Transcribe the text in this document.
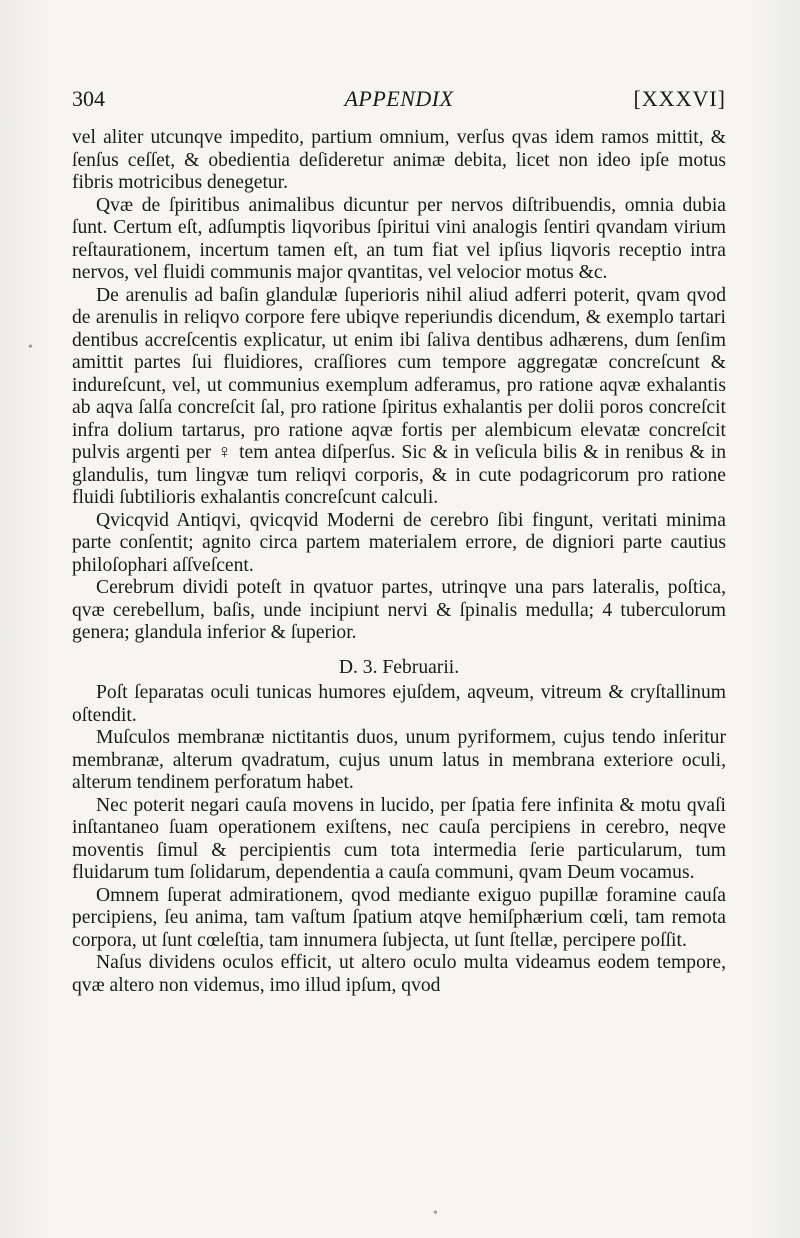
304	APPENDIX	[XXXVI]

vel aliter utcunqve impedito, partium omnium, verſus qvas idem ramos mittit, & ſenſus ceſſet, & obedientia deſideretur animæ debita, licet non ideo ipſe motus fibris motricibus denegetur.

Qvæ de ſpiritibus animalibus dicuntur per nervos diſtribuendis, omnia dubia ſunt. Certum eſt, adſumptis liqvoribus ſpiritui vini analogis ſentiri qvandam virium reſtaurationem, incertum tamen eſt, an tum fiat vel ipſius liqvoris receptio intra nervos, vel fluidi communis major qvantitas, vel velocior motus &c.

De arenulis ad baſin glandulæ ſuperioris nihil aliud adferri poterit, qvam qvod de arenulis in reliqvo corpore fere ubiqve reperiundis dicendum, & exemplo tartari dentibus accreſcentis explicatur, ut enim ibi ſaliva dentibus adhærens, dum ſenſim amittit partes ſui fluidiores, craſſiores cum tempore aggregatæ concreſcunt & indureſcunt, vel, ut communius exemplum adferamus, pro ratione aqvæ exhalantis ab aqva ſalſa concreſcit ſal, pro ratione ſpiritus exhalantis per dolii poros concreſcit infra dolium tartarus, pro ratione aqvæ fortis per alembicum elevatæ concreſcit pulvis argenti per ♀ tem antea diſperſus. Sic & in veſicula bilis & in renibus & in glandulis, tum lingvæ tum reliqvi corporis, & in cute podagricorum pro ratione fluidi ſubtilioris exhalantis concreſcunt calculi.

Qvicqvid Antiqvi, qvicqvid Moderni de cerebro ſibi fingunt, veritati minima parte conſentit; agnito circa partem materialem errore, de digniori parte cautius philoſophari aſſveſcent.

Cerebrum dividi poteſt in qvatuor partes, utrinqve una pars lateralis, poſtica, qvæ cerebellum, baſis, unde incipiunt nervi & ſpinalis medulla; 4 tuberculorum genera; glandula inferior & ſuperior.

D. 3. Februarii.

Poſt ſeparatas oculi tunicas humores ejuſdem, aqveum, vitreum & cryſtallinum oſtendit.

Muſculos membranæ nictitantis duos, unum pyriformem, cujus tendo inſeritur membranæ, alterum qvadratum, cujus unum latus in membrana exteriore oculi, alterum tendinem perforatum habet.

Nec poterit negari cauſa movens in lucido, per ſpatia fere infinita & motu qvaſi inſtantaneo ſuam operationem exiſtens, nec cauſa percipiens in cerebro, neqve moventis ſimul & percipientis cum tota intermedia ſerie particularum, tum fluidarum tum ſolidarum, dependentia a cauſa communi, qvam Deum vocamus.

Omnem ſuperat admirationem, qvod mediante exiguo pupillæ foramine cauſa percipiens, ſeu anima, tam vaſtum ſpatium atqve hemiſphærium cœli, tam remota corpora, ut ſunt cœleſtia, tam innumera ſubjecta, ut ſunt ſtellæ, percipere poſſit.

Naſus dividens oculos efficit, ut altero oculo multa videamus eodem tempore, qvæ altero non videmus, imo illud ipſum, qvod

•
•
